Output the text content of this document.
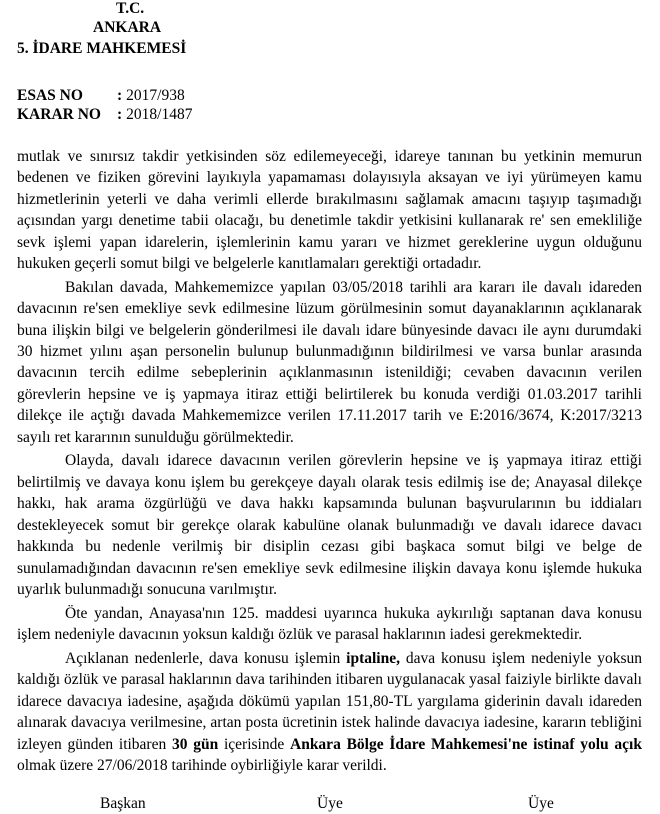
T.C.
ANKARA
5. İDARE MAHKEMESİ
ESAS NO : 2017/938
KARAR NO : 2018/1487

mutlak ve sınırsız takdir yetkisinden söz edilemeyeceği, idareye tanınan bu yetkinin memurun bedenen ve fiziken görevini layıkıyla yapamaması dolayısıyla aksayan ve iyi yürümeyen kamu hizmetlerinin yeterli ve daha verimli ellerde bırakılmasını sağlamak amacını taşıyıp taşımadığı açısından yargı denetime tabii olacağı, bu denetimle takdir yetkisini kullanarak re' sen emekliliğe sevk işlemi yapan idarelerin, işlemlerinin kamu yararı ve hizmet gereklerine uygun olduğunu hukuken geçerli somut bilgi ve belgelerle kanıtlamaları gerektiği ortadadır.

Bakılan davada, Mahkememizce yapılan 03/05/2018 tarihli ara kararı ile davalı idareden davacının re'sen emekliye sevk edilmesine lüzum görülmesinin somut dayanaklarının açıklanarak buna ilişkin bilgi ve belgelerin gönderilmesi ile davalı idare bünyesinde davacı ile aynı durumdaki 30 hizmet yılını aşan personelin bulunup bulunmadığının bildirilmesi ve varsa bunlar arasında davacının tercih edilme sebeplerinin açıklanmasının istenildiği; cevaben davacının verilen görevlerin hepsine ve iş yapmaya itiraz ettiği belirtilerek bu konuda verdiği 01.03.2017 tarihli dilekçe ile açtığı davada Mahkememizce verilen 17.11.2017 tarih ve E:2016/3674, K:2017/3213 sayılı ret kararının sunulduğu görülmektedir.

Olayda, davalı idarece davacının verilen görevlerin hepsine ve iş yapmaya itiraz ettiği belirtilmiş ve davaya konu işlem bu gerekçeye dayalı olarak tesis edilmiş ise de; Anayasal dilekçe hakkı, hak arama özgürlüğü ve dava hakkı kapsamında bulunan başvurularının bu iddiaları destekleyecek somut bir gerekçe olarak kabulüne olanak bulunmadığı ve davalı idarece davacı hakkında bu nedenle verilmiş bir disiplin cezası gibi başkaca somut bilgi ve belge de sunulamadığından davacının re'sen emekliye sevk edilmesine ilişkin davaya konu işlemde hukuka uyarlık bulunmadığı sonucuna varılmıştır.

Öte yandan, Anayasa'nın 125. maddesi uyarınca hukuka aykırılığı saptanan dava konusu işlem nedeniyle davacının yoksun kaldığı özlük ve parasal haklarının iadesi gerekmektedir.

Açıklanan nedenlerle, dava konusu işlemin iptaline, dava konusu işlem nedeniyle yoksun kaldığı özlük ve parasal haklarının dava tarihinden itibaren uygulanacak yasal faiziyle birlikte davalı idarece davacıya iadesine, aşağıda dökümü yapılan 151,80-TL yargılama giderinin davalı idareden alınarak davacıya verilmesine, artan posta ücretinin istek halinde davacıya iadesine, kararın tebliğini izleyen günden itibaren 30 gün içerisinde Ankara Bölge İdare Mahkemesi'ne istinaf yolu açık olmak üzere 27/06/2018 tarihinde oybirliğiyle karar verildi.

Başkan	Üye	Üye
